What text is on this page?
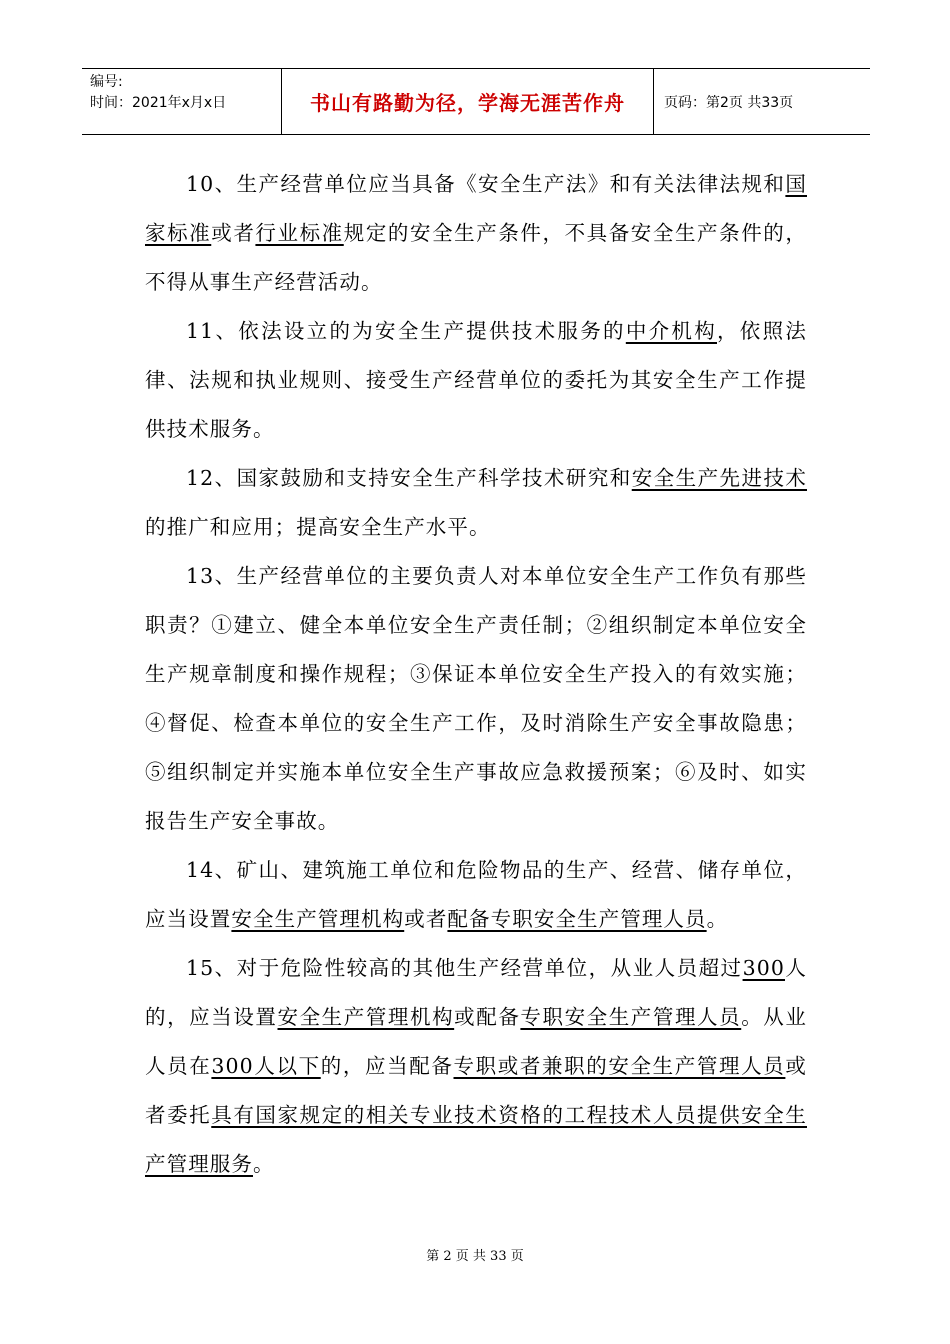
编号:
时间：2021年x月x日	书山有路勤为径，学海无涯苦作舟	页码：第2页 共33页

10、生产经营单位应当具备《安全生产法》和有关法律法规和国家标准或者行业标准规定的安全生产条件，不具备安全生产条件的，不得从事生产经营活动。

11、依法设立的为安全生产提供技术服务的中介机构，依照法律、法规和执业规则、接受生产经营单位的委托为其安全生产工作提供技术服务。

12、国家鼓励和支持安全生产科学技术研究和安全生产先进技术的推广和应用；提高安全生产水平。

13、生产经营单位的主要负责人对本单位安全生产工作负有那些职责？①建立、健全本单位安全生产责任制；②组织制定本单位安全生产规章制度和操作规程；③保证本单位安全生产投入的有效实施；④督促、检查本单位的安全生产工作，及时消除生产安全事故隐患；⑤组织制定并实施本单位安全生产事故应急救援预案；⑥及时、如实报告生产安全事故。

14、矿山、建筑施工单位和危险物品的生产、经营、储存单位，应当设置安全生产管理机构或者配备专职安全生产管理人员。

15、对于危险性较高的其他生产经营单位，从业人员超过300人的，应当设置安全生产管理机构或配备专职安全生产管理人员。从业人员在300人以下的，应当配备专职或者兼职的安全生产管理人员或者委托具有国家规定的相关专业技术资格的工程技术人员提供安全生产管理服务。

第 2 页 共 33 页
